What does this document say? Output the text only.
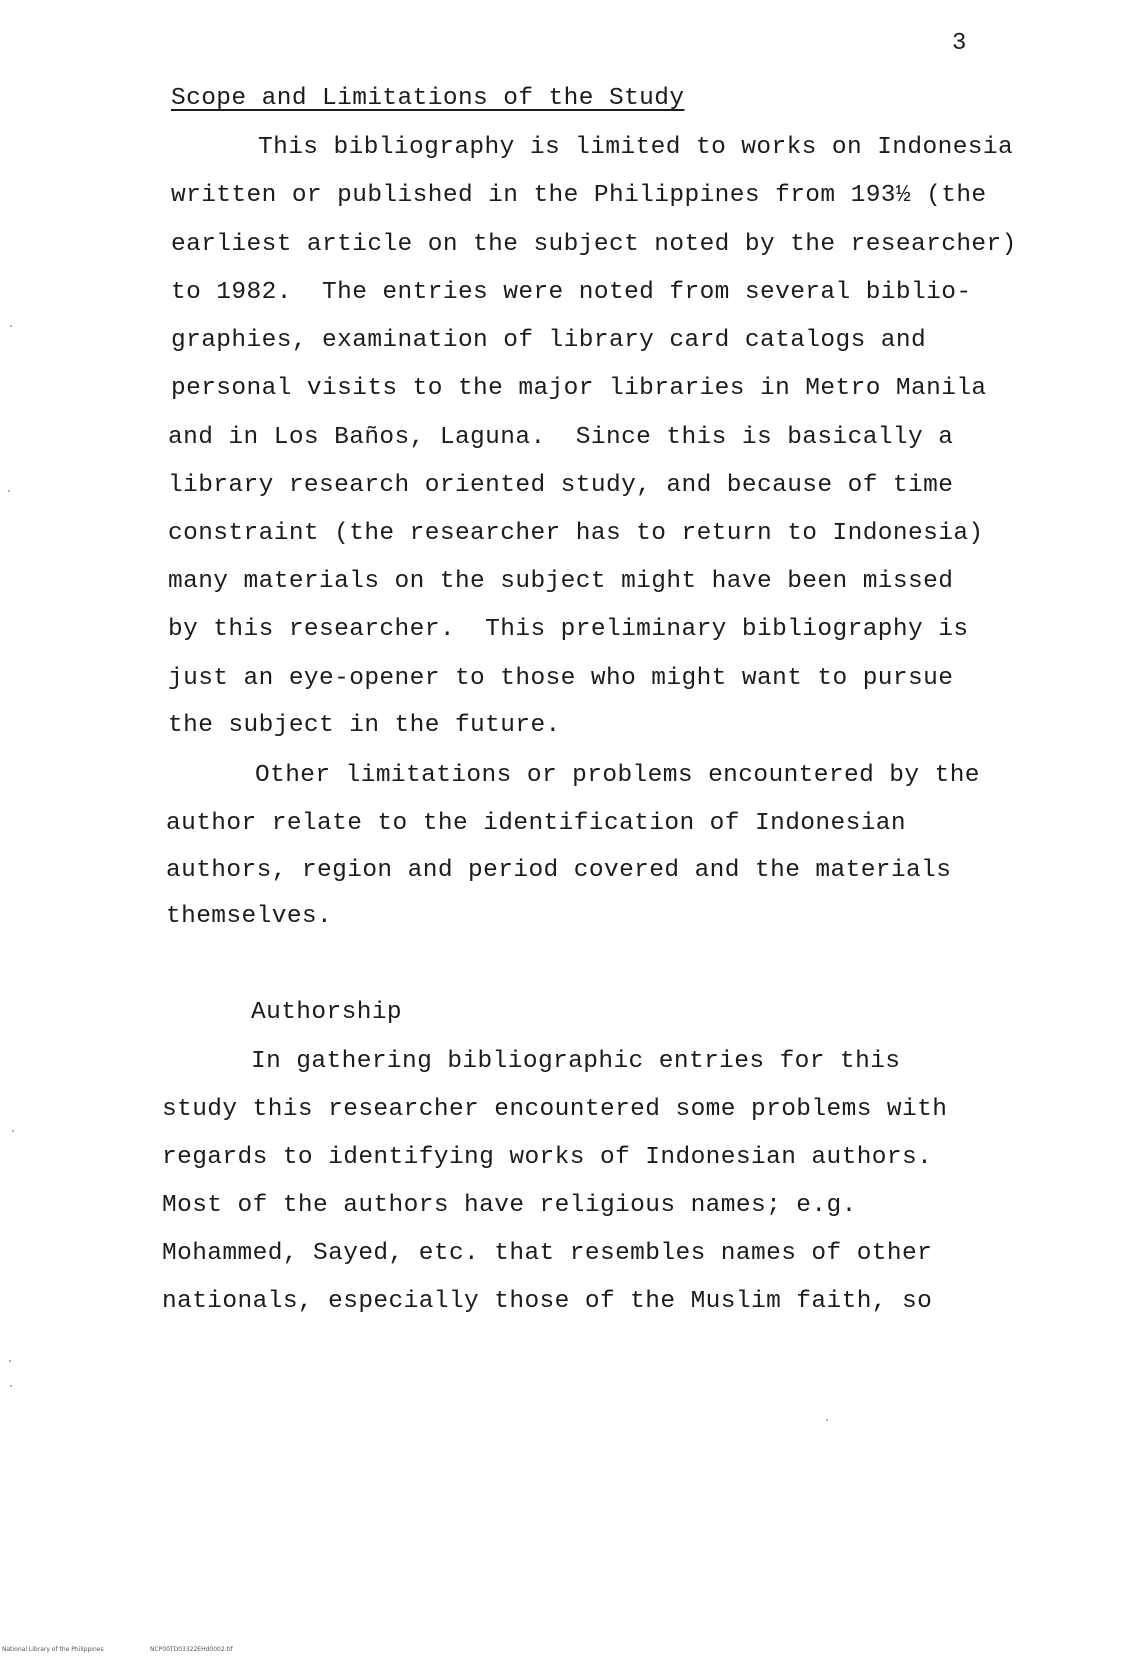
3
Scope and Limitations of the Study
This bibliography is limited to works on Indonesia
written or published in the Philippines from 193½ (the
earliest article on the subject noted by the researcher)
to 1982.  The entries were noted from several biblio-
graphies, examination of library card catalogs and
personal visits to the major libraries in Metro Manila
and in Los Baños, Laguna.  Since this is basically a
library research oriented study, and because of time
constraint (the researcher has to return to Indonesia)
many materials on the subject might have been missed
by this researcher.  This preliminary bibliography is
just an eye-opener to those who might want to pursue
the subject in the future.
Other limitations or problems encountered by the
author relate to the identification of Indonesian
authors, region and period covered and the materials
themselves.
Authorship
In gathering bibliographic entries for this
study this researcher encountered some problems with
regards to identifying works of Indonesian authors.
Most of the authors have religious names; e.g.
Mohammed, Sayed, etc. that resembles names of other
nationals, especially those of the Muslim faith, so
National Library of the Philippines	NCP00TD03322EHd0002.tif
